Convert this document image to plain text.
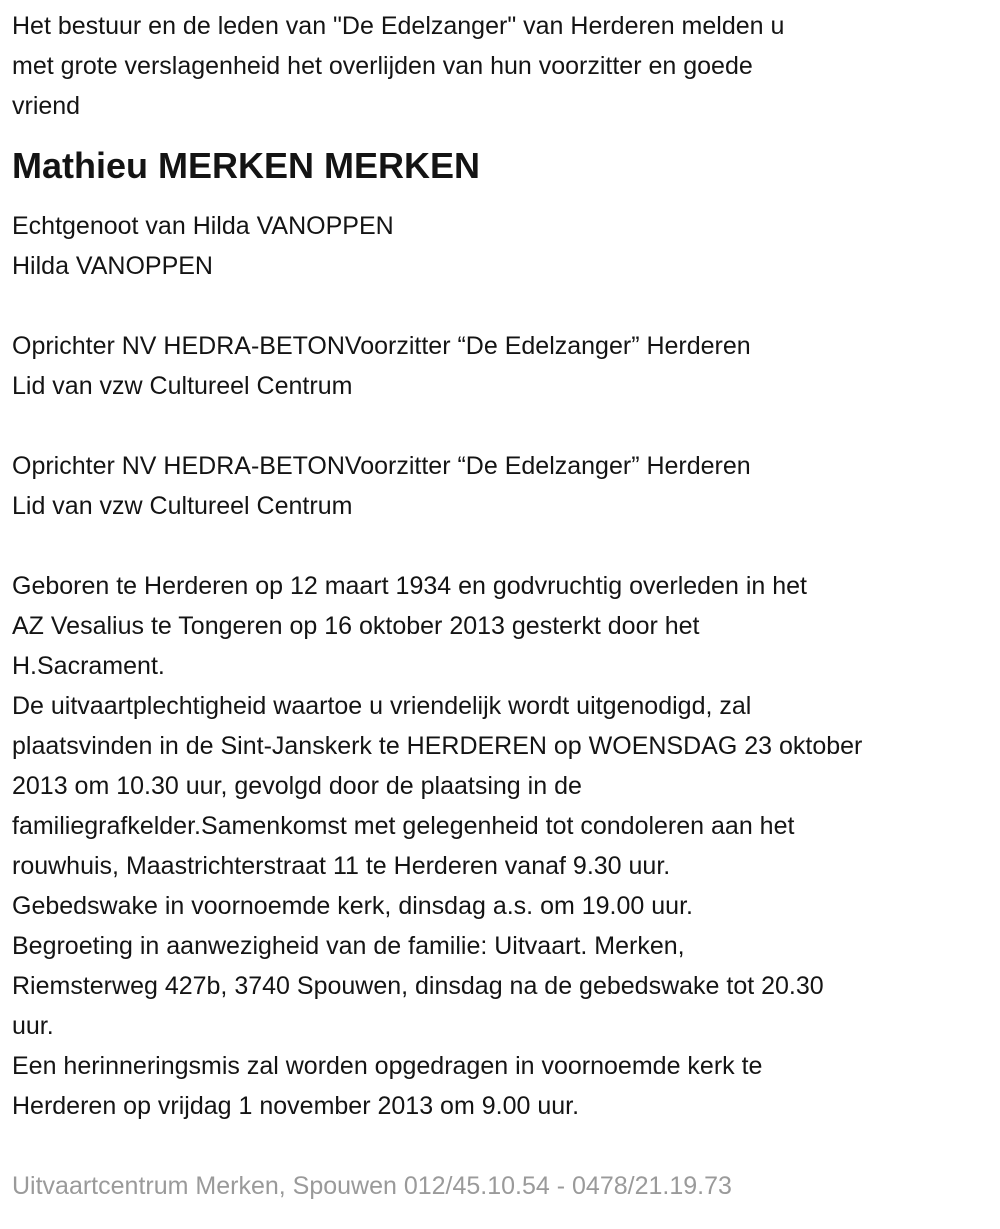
Het bestuur en de leden van "De Edelzanger" van Herderen melden u
met grote verslagenheid het overlijden van hun voorzitter en goede
vriend
Mathieu MERKEN MERKEN
Echtgenoot van Hilda VANOPPEN
Hilda VANOPPEN
Oprichter NV HEDRA-BETONVoorzitter “De Edelzanger” Herderen
Lid van vzw Cultureel Centrum
Oprichter NV HEDRA-BETONVoorzitter “De Edelzanger” Herderen
Lid van vzw Cultureel Centrum
Geboren te Herderen op 12 maart 1934 en godvruchtig overleden in het
AZ Vesalius te Tongeren op 16 oktober 2013 gesterkt door het
H.Sacrament.
De uitvaartplechtigheid waartoe u vriendelijk wordt uitgenodigd, zal
plaatsvinden in de Sint-Janskerk te HERDEREN op WOENSDAG 23 oktober
2013 om 10.30 uur, gevolgd door de plaatsing in de
familiegrafkelder.Samenkomst met gelegenheid tot condoleren aan het
rouwhuis, Maastrichterstraat 11 te Herderen vanaf 9.30 uur.
Gebedswake in voornoemde kerk, dinsdag a.s. om 19.00 uur.
Begroeting in aanwezigheid van de familie: Uitvaart. Merken,
Riemsterweg 427b, 3740 Spouwen, dinsdag na de gebedswake tot 20.30
uur.
Een herinneringsmis zal worden opgedragen in voornoemde kerk te
Herderen op vrijdag 1 november 2013 om 9.00 uur.
Uitvaartcentrum Merken, Spouwen 012/45.10.54 - 0478/21.19.73
